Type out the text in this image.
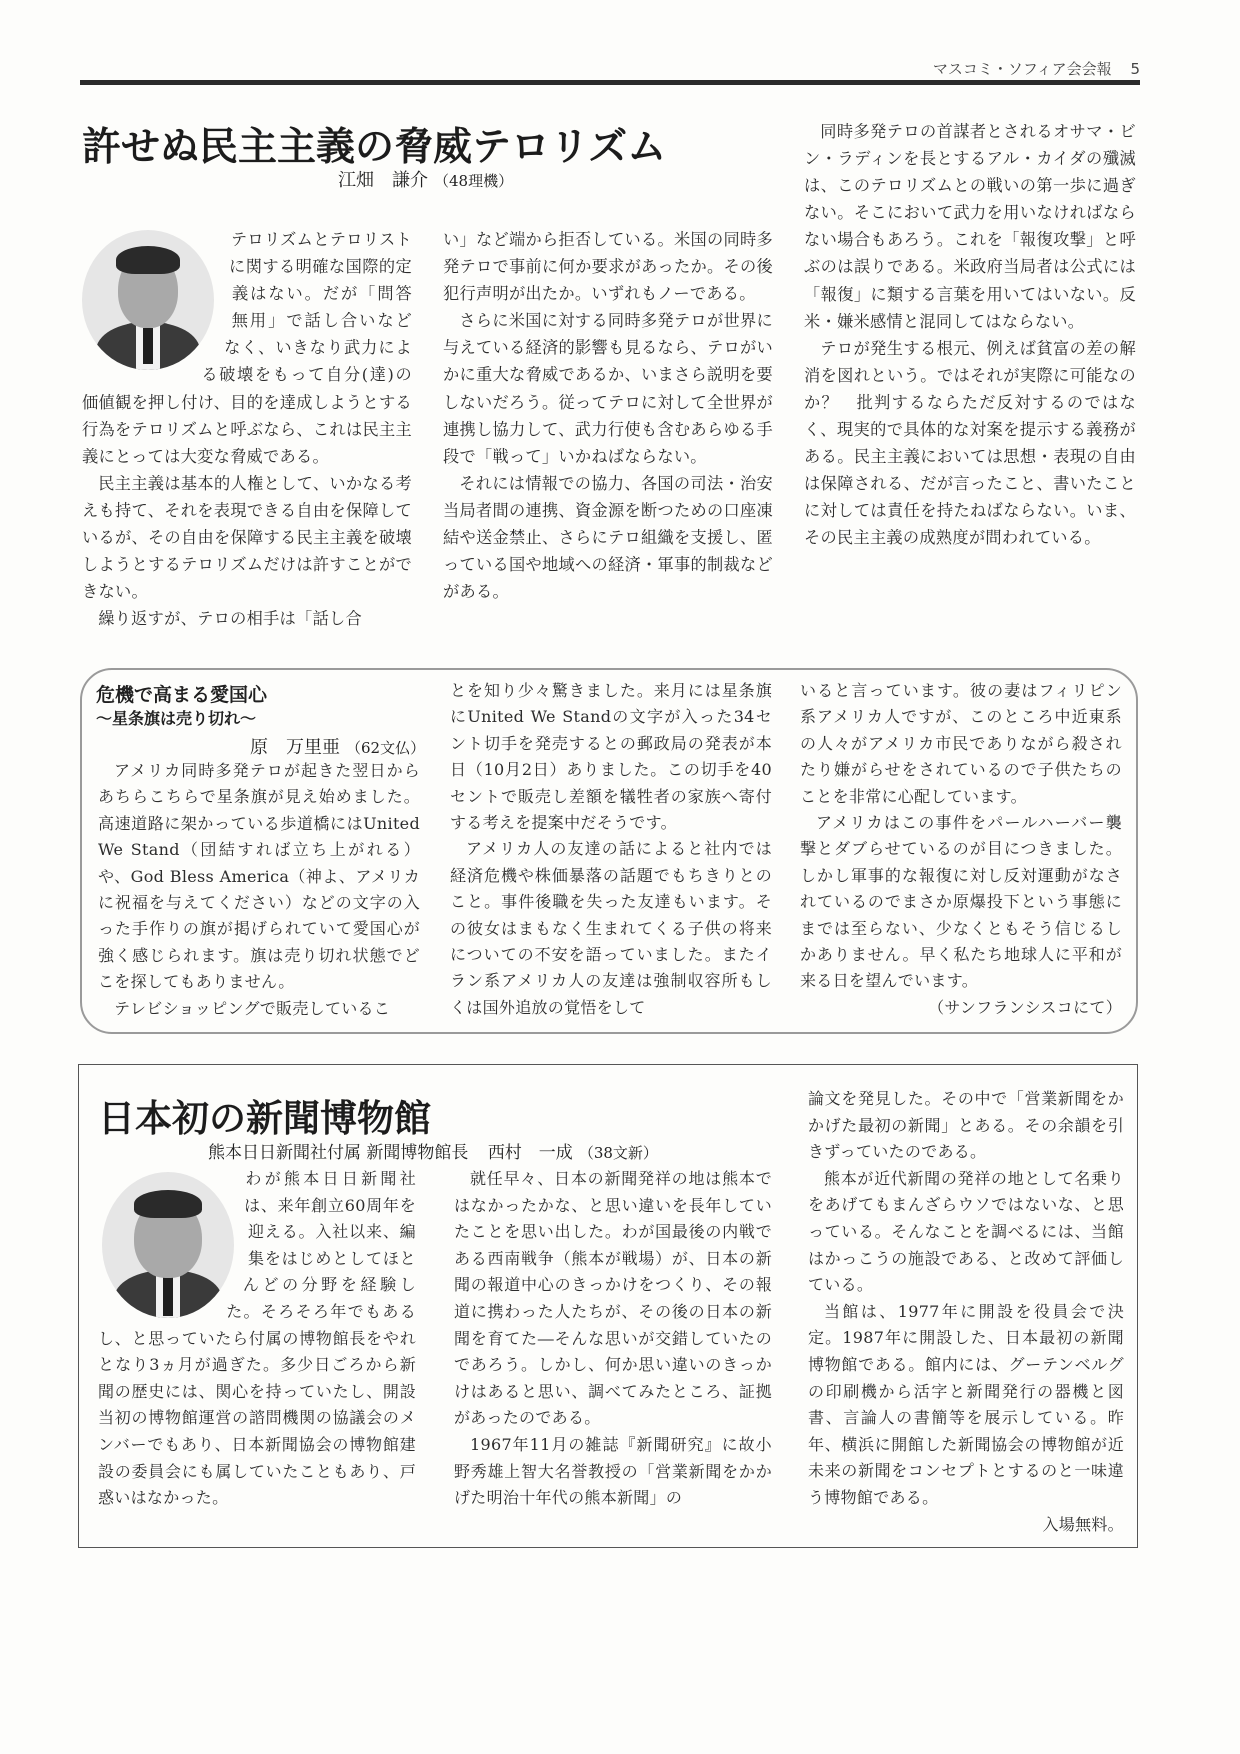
マスコミ・ソフィア会会報 5
許せぬ民主主義の脅威テロリズム
江畑　謙介 （48理機）

テロリズムとテロリストに関する明確な国際的定義はない。だが「問答無用」で話し合いなどなく、いきなり武力による破壊をもって自分(達)の価値観を押し付け、目的を達成しようとする行為をテロリズムと呼ぶなら、これは民主主義にとっては大変な脅威である。

民主主義は基本的人権として、いかなる考えも持て、それを表現できる自由を保障しているが、その自由を保障する民主主義を破壊しようとするテロリズムだけは許すことができない。

繰り返すが、テロの相手は「話し合

い」など端から拒否している。米国の同時多発テロで事前に何か要求があったか。その後犯行声明が出たか。いずれもノーである。

さらに米国に対する同時多発テロが世界に与えている経済的影響も見るなら、テロがいかに重大な脅威であるか、いまさら説明を要しないだろう。従ってテロに対して全世界が連携し協力して、武力行使も含むあらゆる手段で「戦って」いかねばならない。

それには情報での協力、各国の司法・治安当局者間の連携、資金源を断つための口座凍結や送金禁止、さらにテロ組織を支援し、匿っている国や地域への経済・軍事的制裁などがある。

同時多発テロの首謀者とされるオサマ・ビン・ラディンを長とするアル・カイダの殲滅は、このテロリズムとの戦いの第一歩に過ぎない。そこにおいて武力を用いなければならない場合もあろう。これを「報復攻撃」と呼ぶのは誤りである。米政府当局者は公式には「報復」に類する言葉を用いてはいない。反米・嫌米感情と混同してはならない。

テロが発生する根元、例えば貧富の差の解消を図れという。ではそれが実際に可能なのか？　批判するならただ反対するのではなく、現実的で具体的な対案を提示する義務がある。民主主義においては思想・表現の自由は保障される、だが言ったこと、書いたことに対しては責任を持たねばならない。いま、その民主主義の成熟度が問われている。

危機で高まる愛国心
～星条旗は売り切れ～
原　万里亜 （62文仏）

アメリカ同時多発テロが起きた翌日からあちらこちらで星条旗が見え始めました。高速道路に架かっている歩道橋にはUnited We Stand（団結すれば立ち上がれる）や、God Bless America（神よ、アメリカに祝福を与えてください）などの文字の入った手作りの旗が掲げられていて愛国心が強く感じられます。旗は売り切れ状態でどこを探してもありません。

テレビショッピングで販売しているこ

とを知り少々驚きました。来月には星条旗にUnited We Standの文字が入った34セント切手を発売するとの郵政局の発表が本日（10月2日）ありました。この切手を40セントで販売し差額を犠牲者の家族へ寄付する考えを提案中だそうです。

アメリカ人の友達の話によると社内では経済危機や株価暴落の話題でもちきりとのこと。事件後職を失った友達もいます。その彼女はまもなく生まれてくる子供の将来についての不安を語っていました。またイラン系アメリカ人の友達は強制収容所もしくは国外追放の覚悟をして

いると言っています。彼の妻はフィリピン系アメリカ人ですが、このところ中近東系の人々がアメリカ市民でありながら殺されたり嫌がらせをされているので子供たちのことを非常に心配しています。

アメリカはこの事件をパールハーバー襲撃とダブらせているのが目につきました。しかし軍事的な報復に対し反対運動がなされているのでまさか原爆投下という事態にまでは至らない、少なくともそう信じるしかありません。早く私たち地球人に平和が来る日を望んでいます。

（サンフランシスコにて）

日本初の新聞博物館
熊本日日新聞社付属 新聞博物館長 西村　一成 （38文新）

わが熊本日日新聞社は、来年創立60周年を迎える。入社以来、編集をはじめとしてほとんどの分野を経験した。そろそろ年でもあるし、と思っていたら付属の博物館長をやれとなり3ヵ月が過ぎた。多少日ごろから新聞の歴史には、関心を持っていたし、開設当初の博物館運営の諮問機関の協議会のメンバーでもあり、日本新聞協会の博物館建設の委員会にも属していたこともあり、戸惑いはなかった。

就任早々、日本の新聞発祥の地は熊本ではなかったかな、と思い違いを長年していたことを思い出した。わが国最後の内戦である西南戦争（熊本が戦場）が、日本の新聞の報道中心のきっかけをつくり、その報道に携わった人たちが、その後の日本の新聞を育てた―そんな思いが交錯していたのであろう。しかし、何か思い違いのきっかけはあると思い、調べてみたところ、証拠があったのである。

1967年11月の雑誌『新聞研究』に故小野秀雄上智大名誉教授の「営業新聞をかかげた明治十年代の熊本新聞」の

論文を発見した。その中で「営業新聞をかかげた最初の新聞」とある。その余韻を引きずっていたのである。

熊本が近代新聞の発祥の地として名乗りをあげてもまんざらウソではないな、と思っている。そんなことを調べるには、当館はかっこうの施設である、と改めて評価している。

当館は、1977年に開設を役員会で決定。1987年に開設した、日本最初の新聞博物館である。館内には、グーテンベルグの印刷機から活字と新聞発行の器機と図書、言論人の書簡等を展示している。昨年、横浜に開館した新聞協会の博物館が近未来の新聞をコンセプトとするのと一味違う博物館である。

入場無料。
